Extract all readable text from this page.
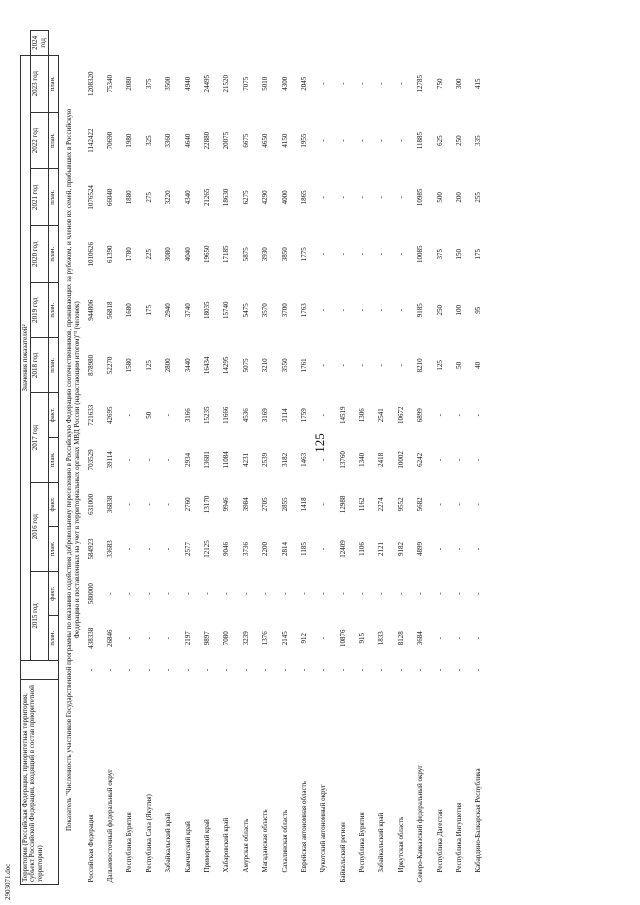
125
2903071.doc Территория (Российская Федерация, приоритетная территория, субъект Российской Федерации, входящий в состав приоритетной территории)		Значения показателей²												
		2015 год		2016 год		2017 год		2018 год	2019 год	2020 год	2021 год	2022 год	2023 год	2024 год
		план.	факт.	план.	факт.	план.	факт.	план.	план.	план.	план.	план.	план.	
Показатель "Численность участников Государственной программы по оказанию содействия добровольному переселению в Российскую Федерацию соотечественников, проживающих за рубежом, и членов их семей, прибывших в Российскую Федерацию и поставленных на учет в территориальных органах МВД России (нарастающим итогом)"³ (человек)														
Российская Федерация	-	438338	580000	584923	631000	703529	721633	878980	944806	1010626	1076524	1142422	1208320	
Дальневосточный федеральный округ	-	26846	-	33683	36838	39114	42695	52270	56818	61390	66040	70690	75340	
Республика Бурятия	-	-	-	-	-	-	-	1580	1680	1780	1880	1980	2080	
Республика Саха (Якутия)	-	-	-	-	-	-	50	125	175	225	275	325	375	
Забайкальский край	-	-	-	-	-	-	-	2800	2940	3080	3220	3360	3500	
Камчатский край	-	2197	-	2577	2760	2934	3166	3440	3740	4040	4340	4640	4940	
Приморский край	-	9897	-	12125	13170	13681	15235	16434	18035	19650	21265	22880	24495	
Хабаровский край	-	7080	-	9046	9946	11084	11666	14295	15740	17185	18630	20075	21520	
Амурская область	-	3239	-	3736	3984	4231	4536	5075	5475	5875	6275	6675	7075	
Магаданская область	-	1376	-	2200	2705	2539	3169	3210	3570	3930	4290	4650	5010	
Сахалинская область	-	2145	-	2814	2855	3182	3114	3550	3700	3850	4000	4150	4300	
Еврейская автономная область	-	912	-	1185	1418	1463	1759	1761	1763	1775	1865	1955	2045	
Чукотский автономный округ	-	-	-	-	-	-	-	-	-	-	-	-	-	
Байкальский регион	-	10876	-	12409	12988	13760	14519	-	-	-	-	-	-	
Республика Бурятия	-	915	-	1106	1162	1340	1306	-	-	-	-	-	-	
Забайкальский край	-	1833	-	2121	2274	2418	2541	-	-	-	-	-	-	
Иркутская область	-	8128	-	9182	9552	10002	10672	-	-	-	-	-	-	
Северо-Кавказский федеральный округ	-	3684	-	4899	5682	6242	6899	8210	9185	10085	10985	11885	12785	
Республика Дагестан	-	-	-	-	-	-	-	125	250	375	500	625	750	
Республика Ингушетия	-	-	-	-	-	-	-	50	100	150	200	250	300	
Кабардино-Балкарская Республика	-	-	-	-	-	-	-	40	95	175	255	335	415	
